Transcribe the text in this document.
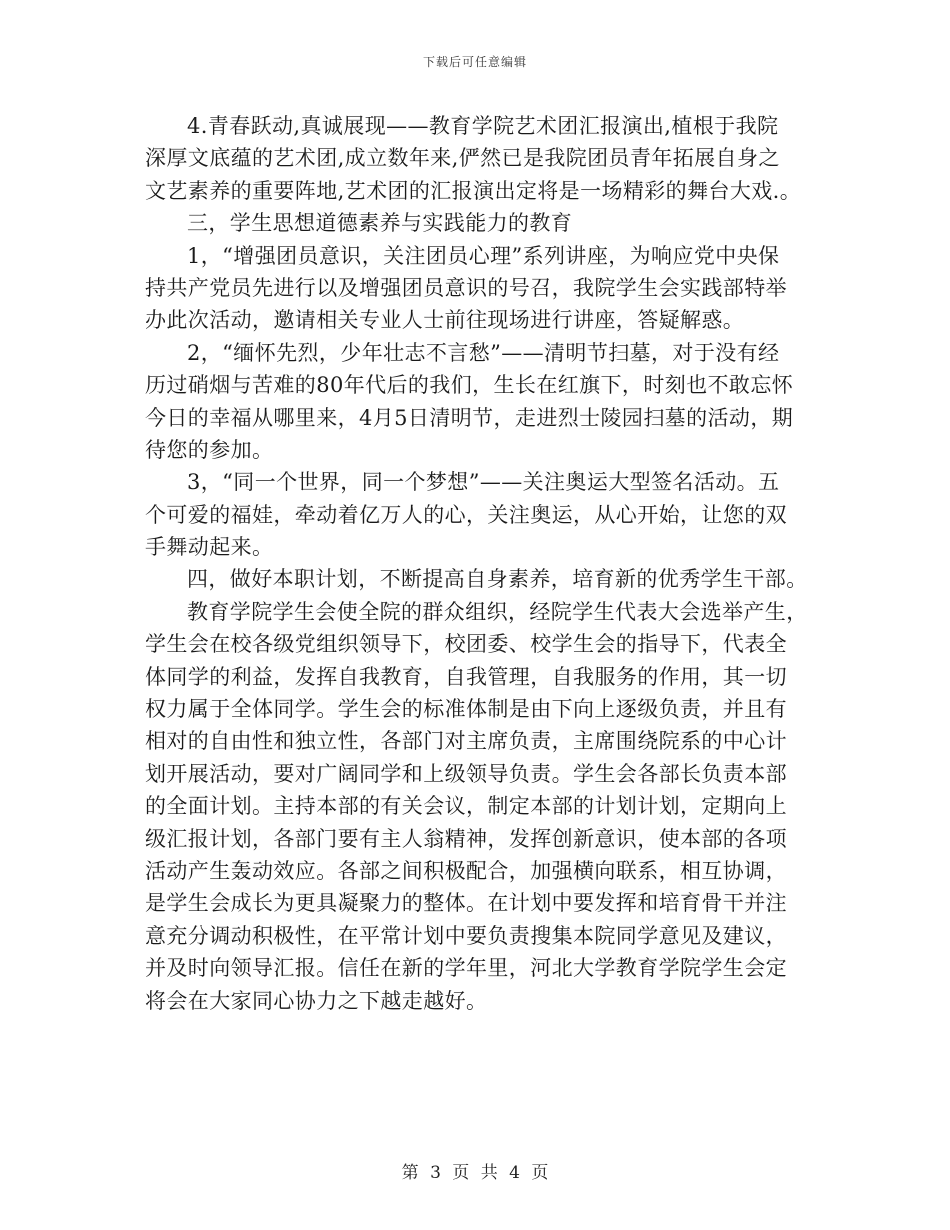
下载后可任意编辑
4.青春跃动,真诚展现——教育学院艺术团汇报演出,植根于我院
深厚文底蕴的艺术团,成立数年来,俨然已是我院团员青年拓展自身之
文艺素养的重要阵地,艺术团的汇报演出定将是一场精彩的舞台大戏.。
三，学生思想道德素养与实践能力的教育
1，“增强团员意识，关注团员心理”系列讲座，为响应党中央保
持共产党员先进行以及增强团员意识的号召，我院学生会实践部特举
办此次活动，邀请相关专业人士前往现场进行讲座，答疑解惑。
2，“缅怀先烈，少年壮志不言愁”——清明节扫墓，对于没有经
历过硝烟与苦难的80年代后的我们，生长在红旗下，时刻也不敢忘怀
今日的幸福从哪里来，4月5日清明节，走进烈士陵园扫墓的活动，期
待您的参加。
3，“同一个世界，同一个梦想”——关注奥运大型签名活动。五
个可爱的福娃，牵动着亿万人的心，关注奥运，从心开始，让您的双
手舞动起来。
四，做好本职计划，不断提高自身素养，培育新的优秀学生干部。
教育学院学生会使全院的群众组织，经院学生代表大会选举产生，
学生会在校各级党组织领导下，校团委、校学生会的指导下，代表全
体同学的利益，发挥自我教育，自我管理，自我服务的作用，其一切
权力属于全体同学。学生会的标准体制是由下向上逐级负责，并且有
相对的自由性和独立性，各部门对主席负责，主席围绕院系的中心计
划开展活动，要对广阔同学和上级领导负责。学生会各部长负责本部
的全面计划。主持本部的有关会议，制定本部的计划计划，定期向上
级汇报计划，各部门要有主人翁精神，发挥创新意识，使本部的各项
活动产生轰动效应。各部之间积极配合，加强横向联系，相互协调，
是学生会成长为更具凝聚力的整体。在计划中要发挥和培育骨干并注
意充分调动积极性，在平常计划中要负责搜集本院同学意见及建议，
并及时向领导汇报。信任在新的学年里，河北大学教育学院学生会定
将会在大家同心协力之下越走越好。
第 3 页 共 4 页
